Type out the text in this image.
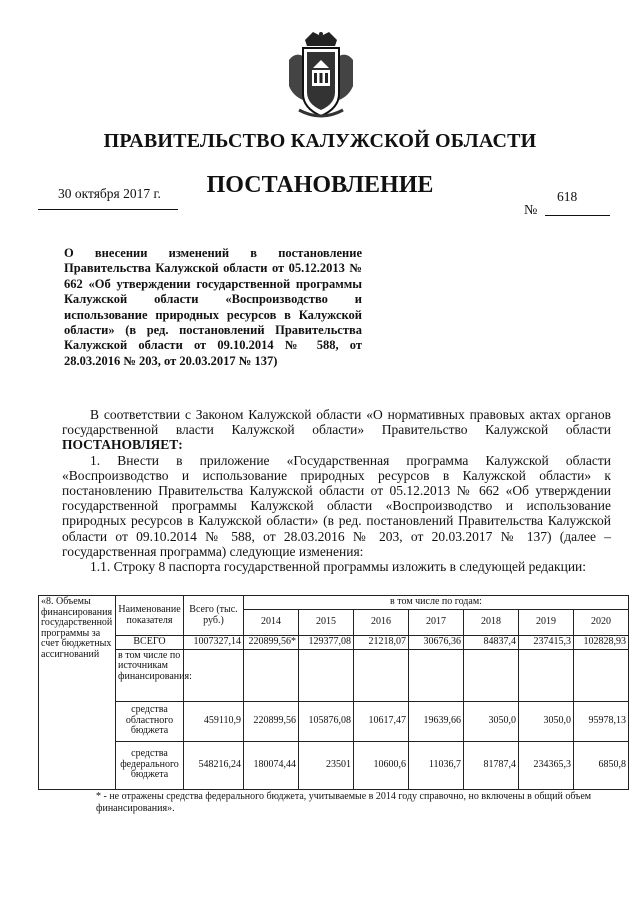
ПРАВИТЕЛЬСТВО КАЛУЖСКОЙ ОБЛАСТИ
30 октября 2017 г. ПОСТАНОВЛЕНИЕ	618
№
О внесении изменений в постановление Правительства Калужской области от 05.12.2013 № 662 «Об утверждении государственной программы Калужской области «Воспроизводство и использование природных ресурсов в Калужской области» (в ред. постановлений Правительства Калужской области от 09.10.2014 № 588, от 28.03.2016 № 203, от 20.03.2017 № 137)

В соответствии с Законом Калужской области «О нормативных правовых актах органов государственной власти Калужской области» Правительство Калужской области ПОСТАНОВЛЯЕТ:

1. Внести в приложение «Государственная программа Калужской области «Воспроизводство и использование природных ресурсов в Калужской области» к постановлению Правительства Калужской области от 05.12.2013 № 662 «Об утверждении государственной программы Калужской области «Воспроизводство и использование природных ресурсов в Калужской области» (в ред. постановлений Правительства Калужской области от 09.10.2014 № 588, от 28.03.2016 № 203, от 20.03.2017 № 137) (далее – государственная программа) следующие изменения:

1.1. Строку 8 паспорта государственной программы изложить в следующей редакции:

«8. Объемы финансирования государственной программы за счет бюджетных ассигнований	Наименование показателя	Всего (тыс. руб.)	в том числе по годам:						
			2014	2015	2016	2017	2018	2019	2020
	ВСЕГО	1007327,14	220899,56*	129377,08	21218,07	30676,36	84837,4	237415,3	102828,93
	в том числе по источникам финансирования:								
	средства областного бюджета	459110,9	220899,56	105876,08	10617,47	19639,66	3050,0	3050,0	95978,13
	средства федерального бюджета	548216,24	180074,44	23501	10600,6	11036,7	81787,4	234365,3	6850,8
* - не отражены средства федерального бюджета, учитываемые в 2014 году справочно, но включены в общий объем финансирования».
